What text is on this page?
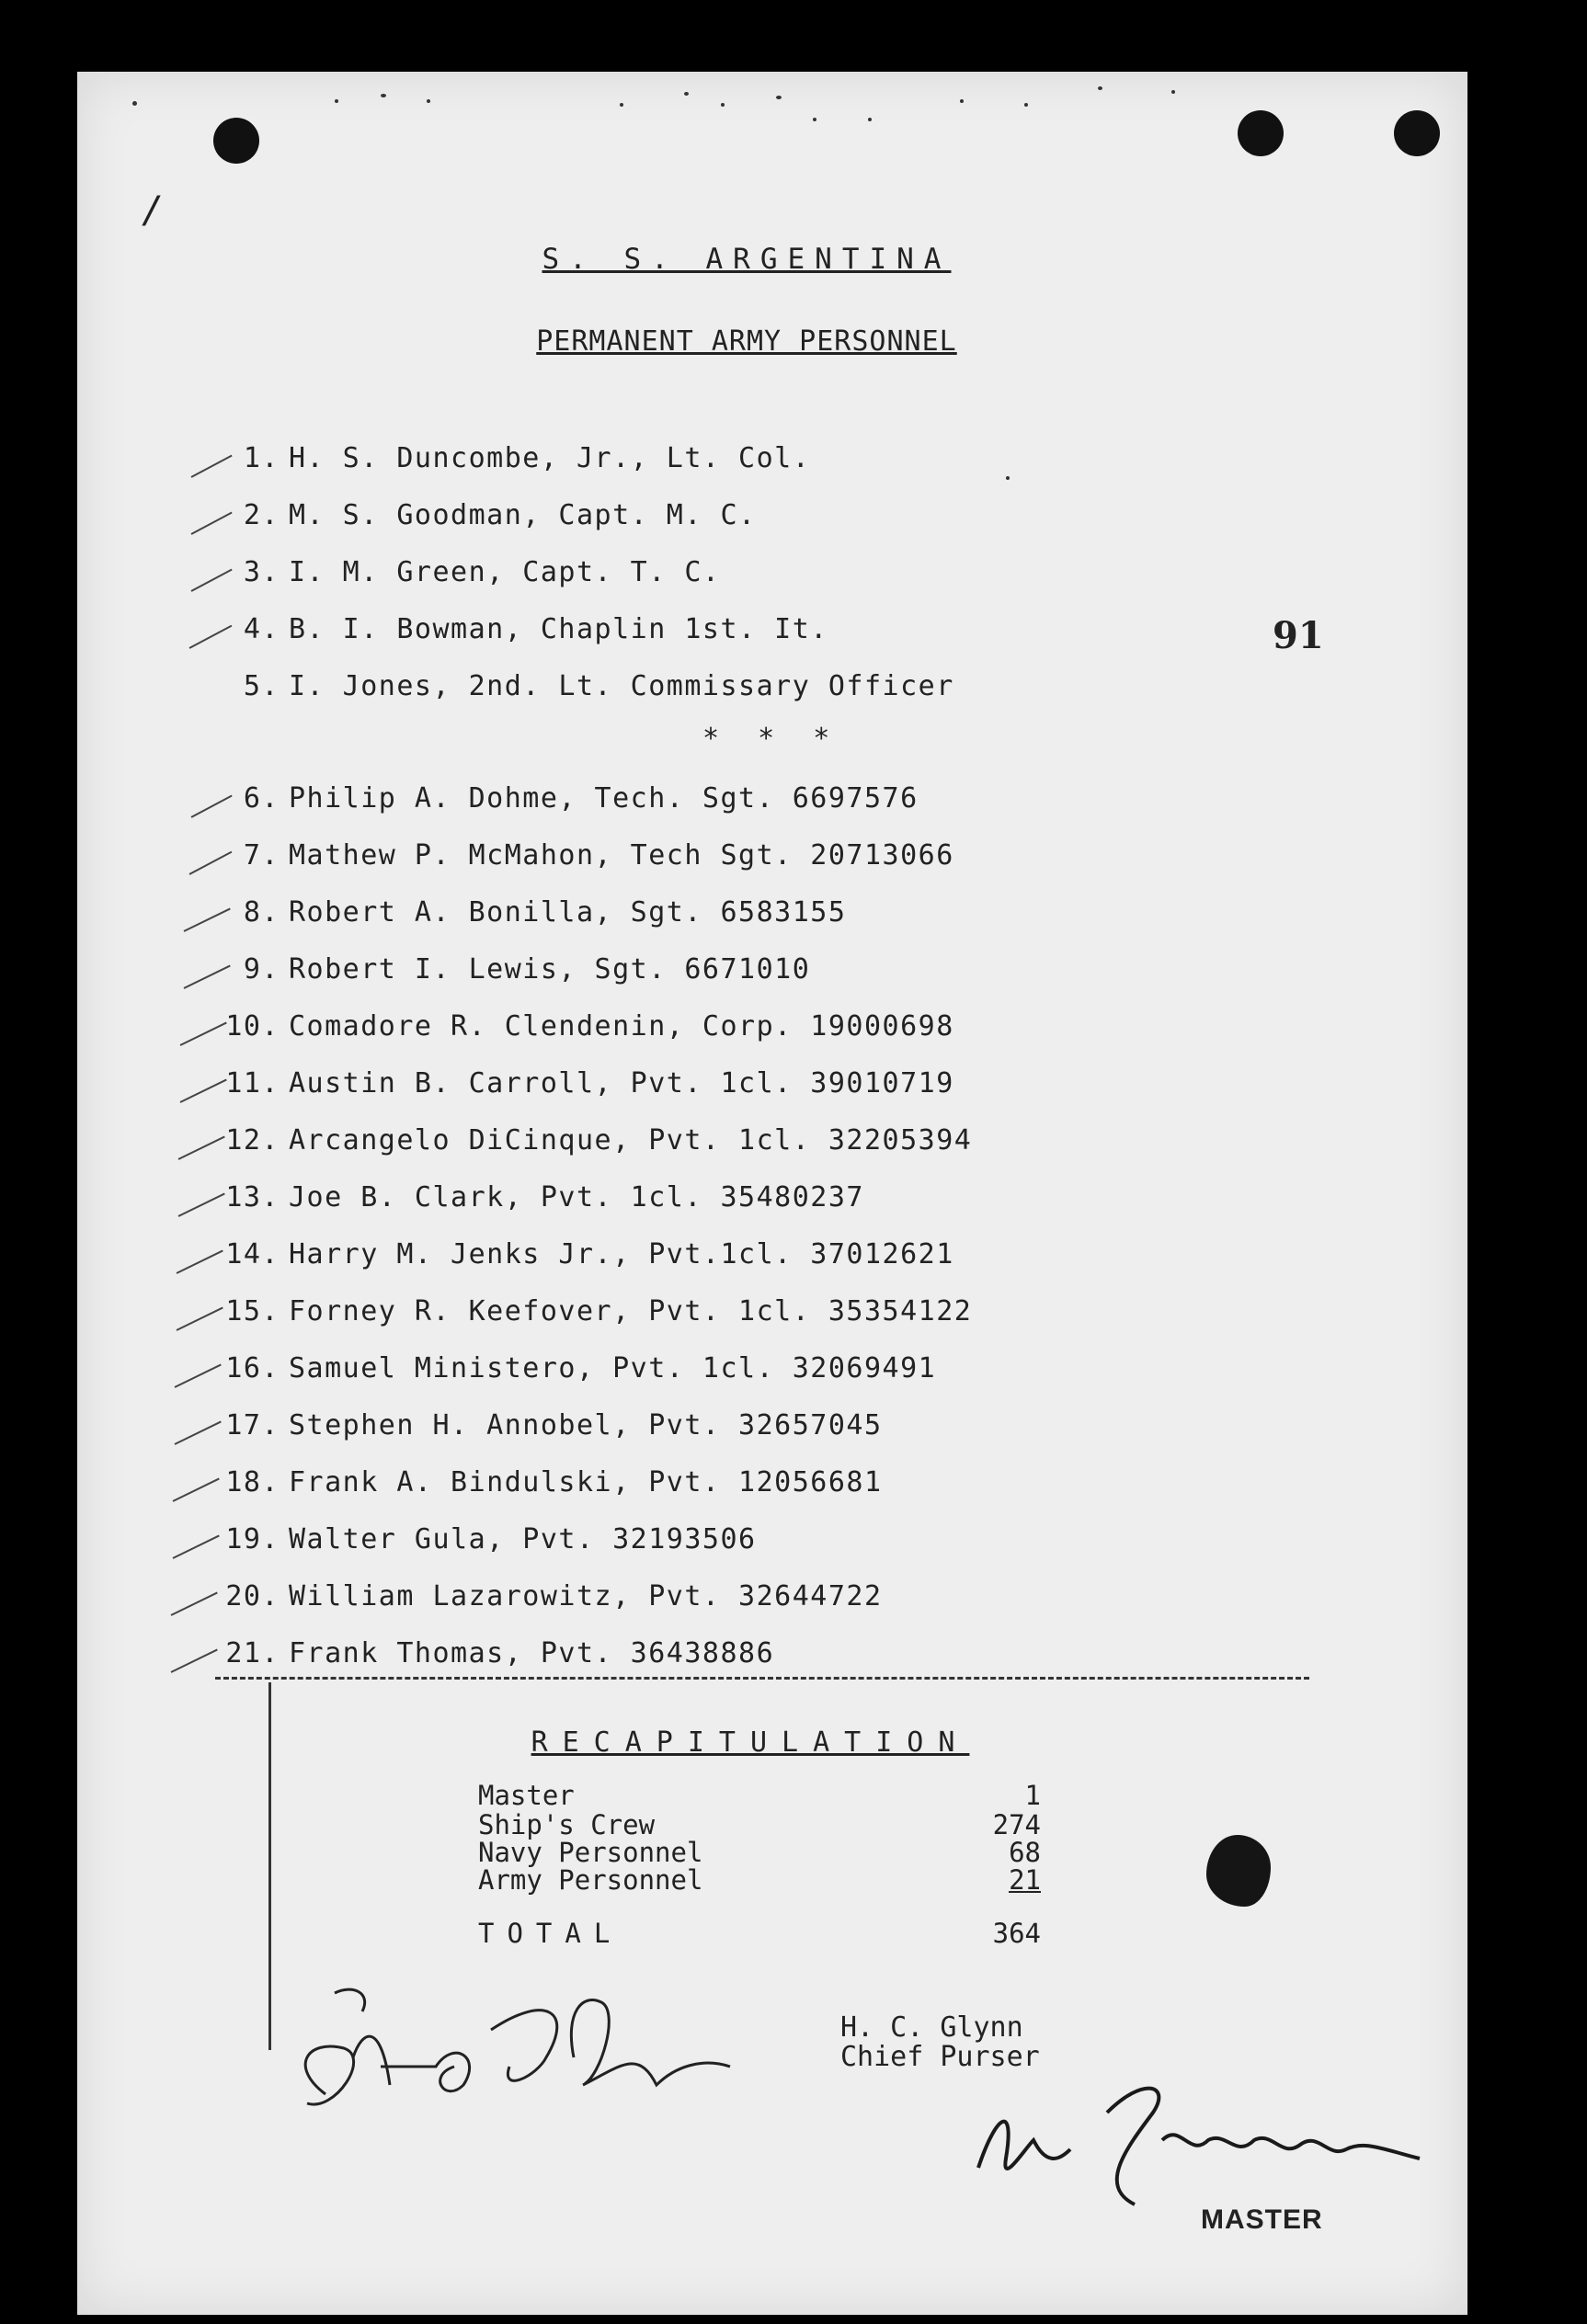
/
S. S. ARGENTINA
PERMANENT ARMY PERSONNEL
91
1. H. S. Duncombe, Jr., Lt. Col.
2. M. S. Goodman, Capt. M. C.
3. I. M. Green, Capt. T. C.
4. B. I. Bowman, Chaplin 1st. It.
5. I. Jones, 2nd. Lt. Commissary Officer
* * *
6. Philip A. Dohme, Tech. Sgt. 6697576
7. Mathew P. McMahon, Tech Sgt. 20713066
8. Robert A. Bonilla, Sgt. 6583155
9. Robert I. Lewis, Sgt. 6671010
10. Comadore R. Clendenin, Corp. 19000698
11. Austin B. Carroll, Pvt. 1cl. 39010719
12. Arcangelo DiCinque, Pvt. 1cl. 32205394
13. Joe B. Clark, Pvt. 1cl. 35480237
14. Harry M. Jenks Jr., Pvt.1cl. 37012621
15. Forney R. Keefover, Pvt. 1cl. 35354122
16. Samuel Ministero, Pvt. 1cl. 32069491
17. Stephen H. Annobel, Pvt. 32657045
18. Frank A. Bindulski, Pvt. 12056681
19. Walter Gula, Pvt. 32193506
20. William Lazarowitz, Pvt. 32644722
21. Frank Thomas, Pvt. 36438886
RECAPITULATION
Master	1
Ship's Crew	274
Navy Personnel	68
Army Personnel	21
TOTAL	364
H. C. Glynn
Chief Purser
MASTER
